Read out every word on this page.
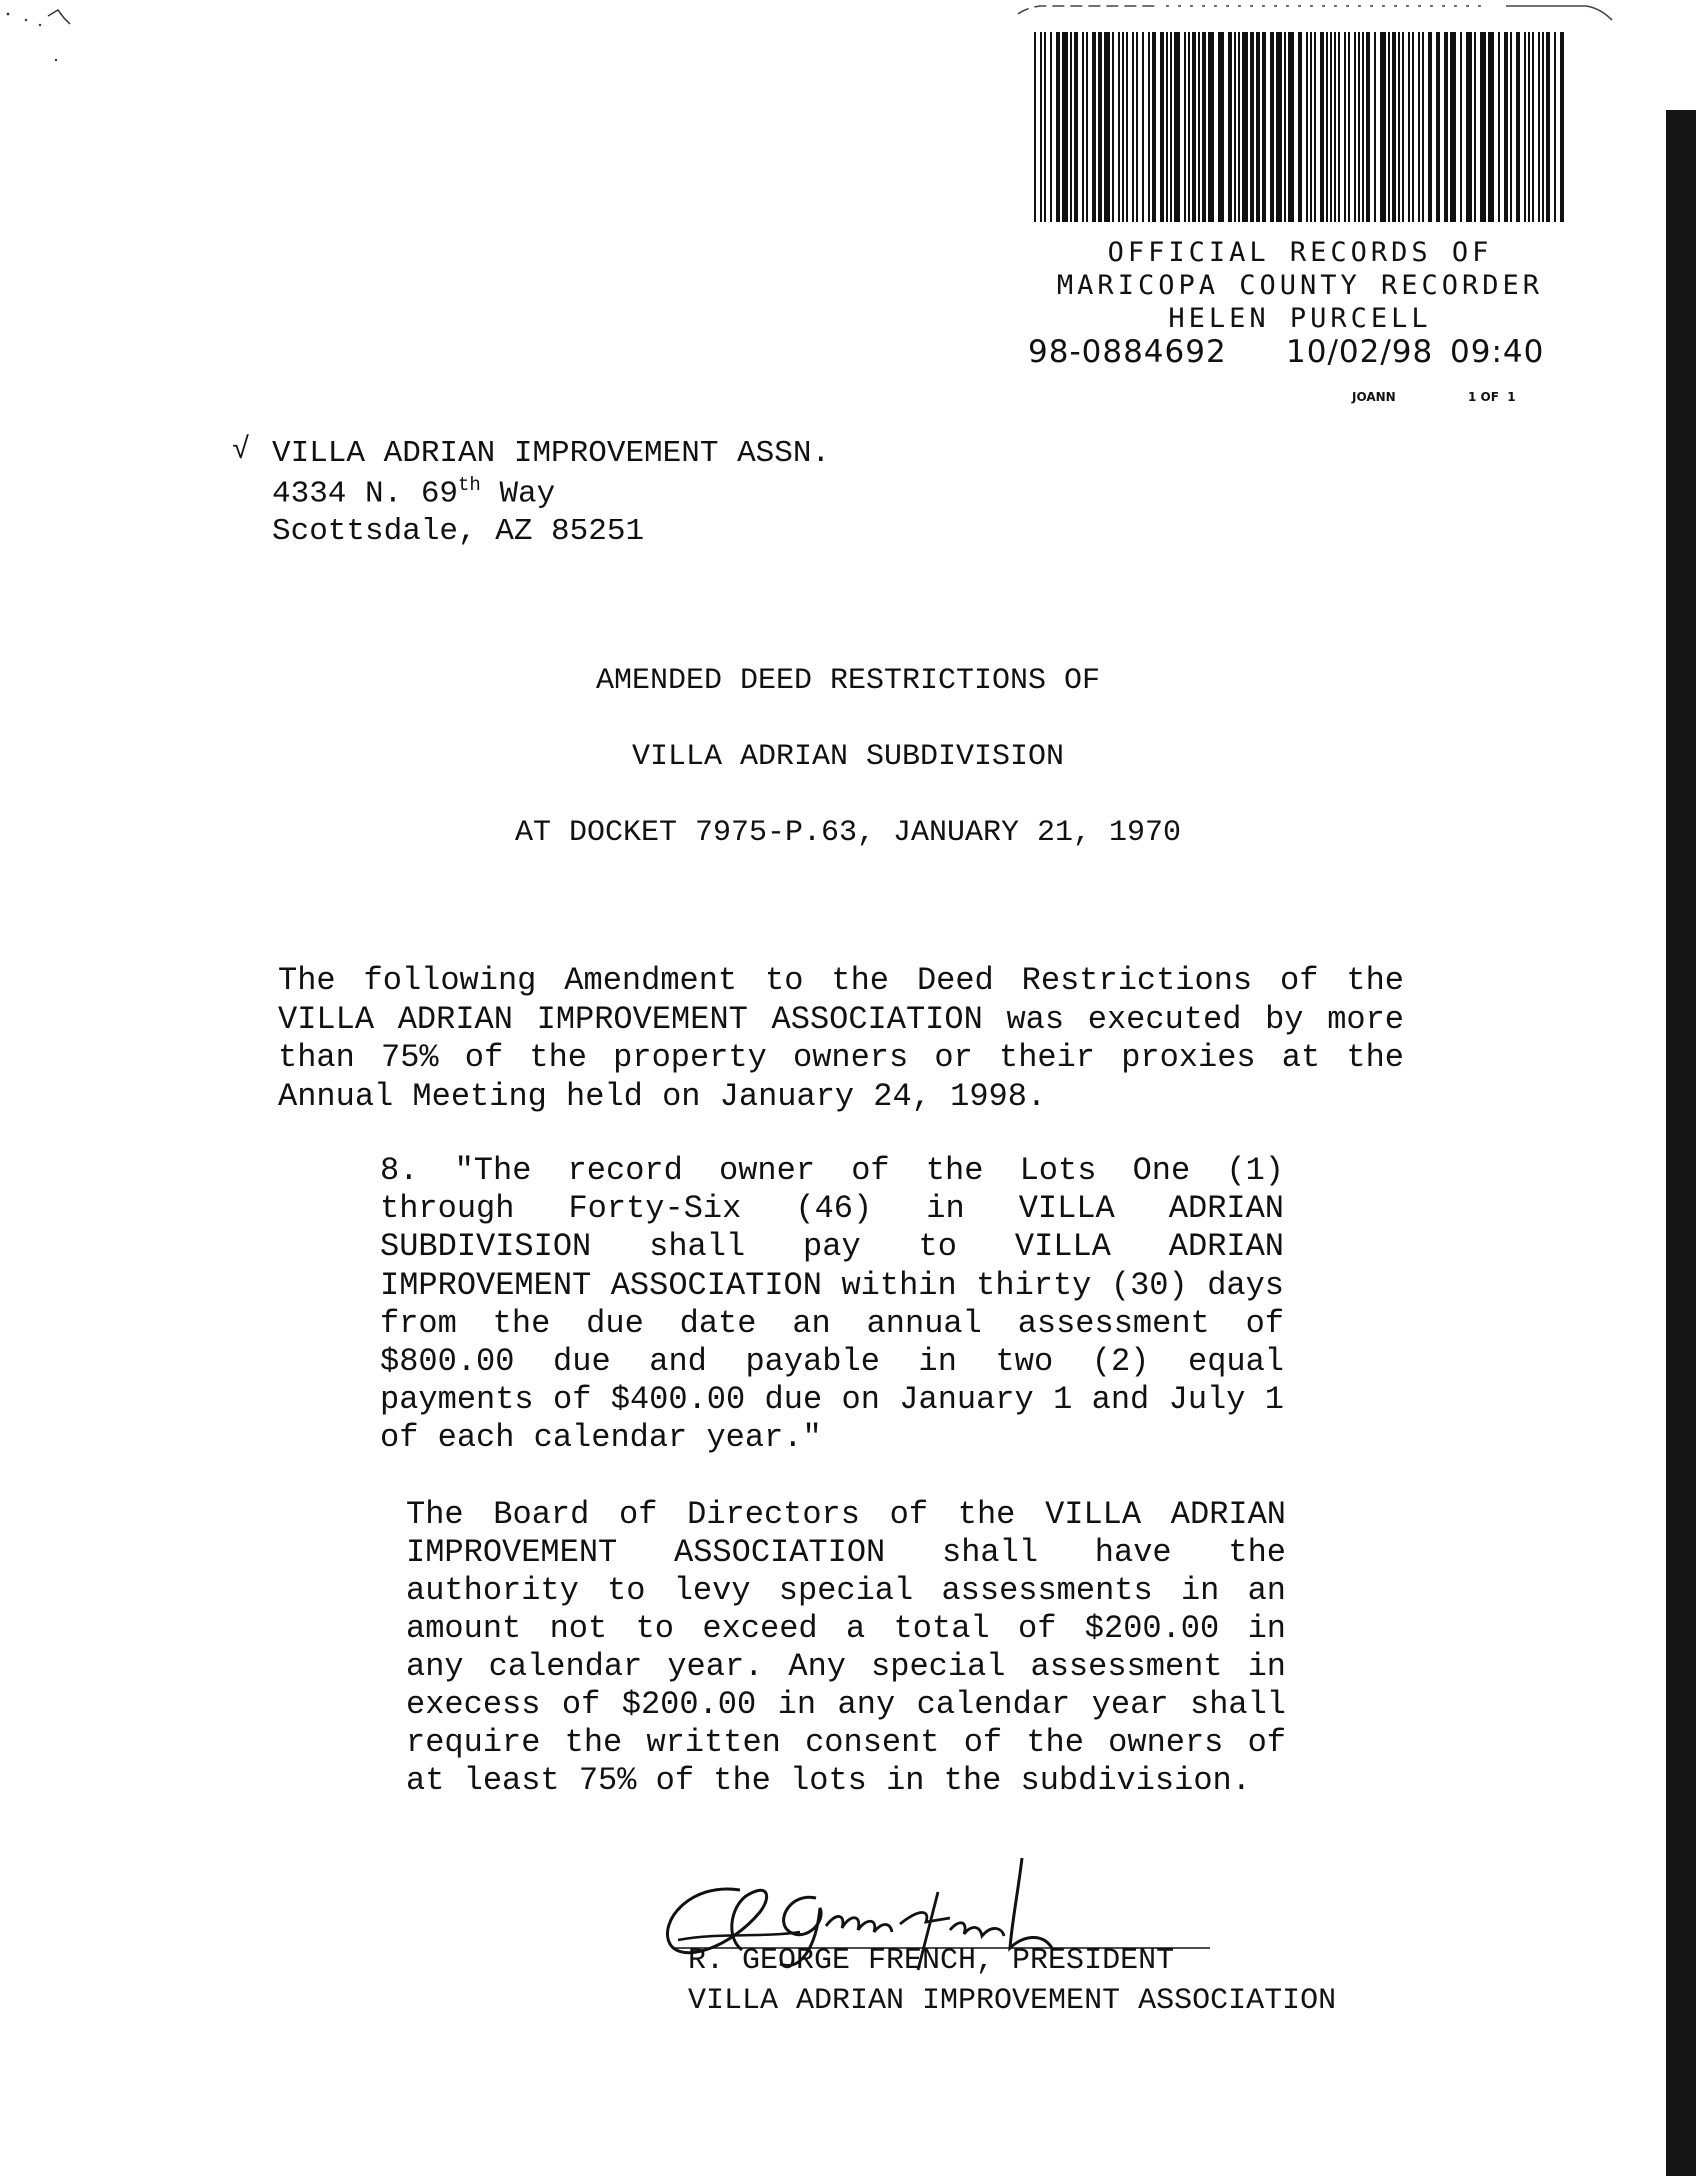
OFFICIAL RECORDS OF
MARICOPA COUNTY RECORDER
HELEN PURCELL
98-0884692 10/02/98 09:40
JOANN	1 OF  1
√ VILLA ADRIAN IMPROVEMENT ASSN.
4334 N. 69th Way
Scottsdale, AZ 85251
AMENDED DEED RESTRICTIONS OF
VILLA ADRIAN SUBDIVISION
AT DOCKET 7975-P.63, JANUARY 21, 1970
The following Amendment to the Deed Restrictions of the VILLA ADRIAN IMPROVEMENT ASSOCIATION was executed by more than 75% of the property owners or their proxies at the Annual Meeting held on January 24, 1998.
8. "The record owner of the Lots One (1) through Forty-Six (46) in VILLA ADRIAN SUBDIVISION shall pay to VILLA ADRIAN IMPROVEMENT ASSOCIATION within thirty (30) days from the due date an annual assessment of $800.00 due and payable in two (2) equal payments of $400.00 due on January 1 and July 1 of each calendar year."
The Board of Directors of the VILLA ADRIAN IMPROVEMENT ASSOCIATION shall have the authority to levy special assessments in an amount not to exceed a total of $200.00 in any calendar year. Any special assessment in execess of $200.00 in any calendar year shall require the written consent of the owners of at least 75% of the lots in the subdivision.
R. GEORGE FRENCH, PRESIDENT
VILLA ADRIAN IMPROVEMENT ASSOCIATION
